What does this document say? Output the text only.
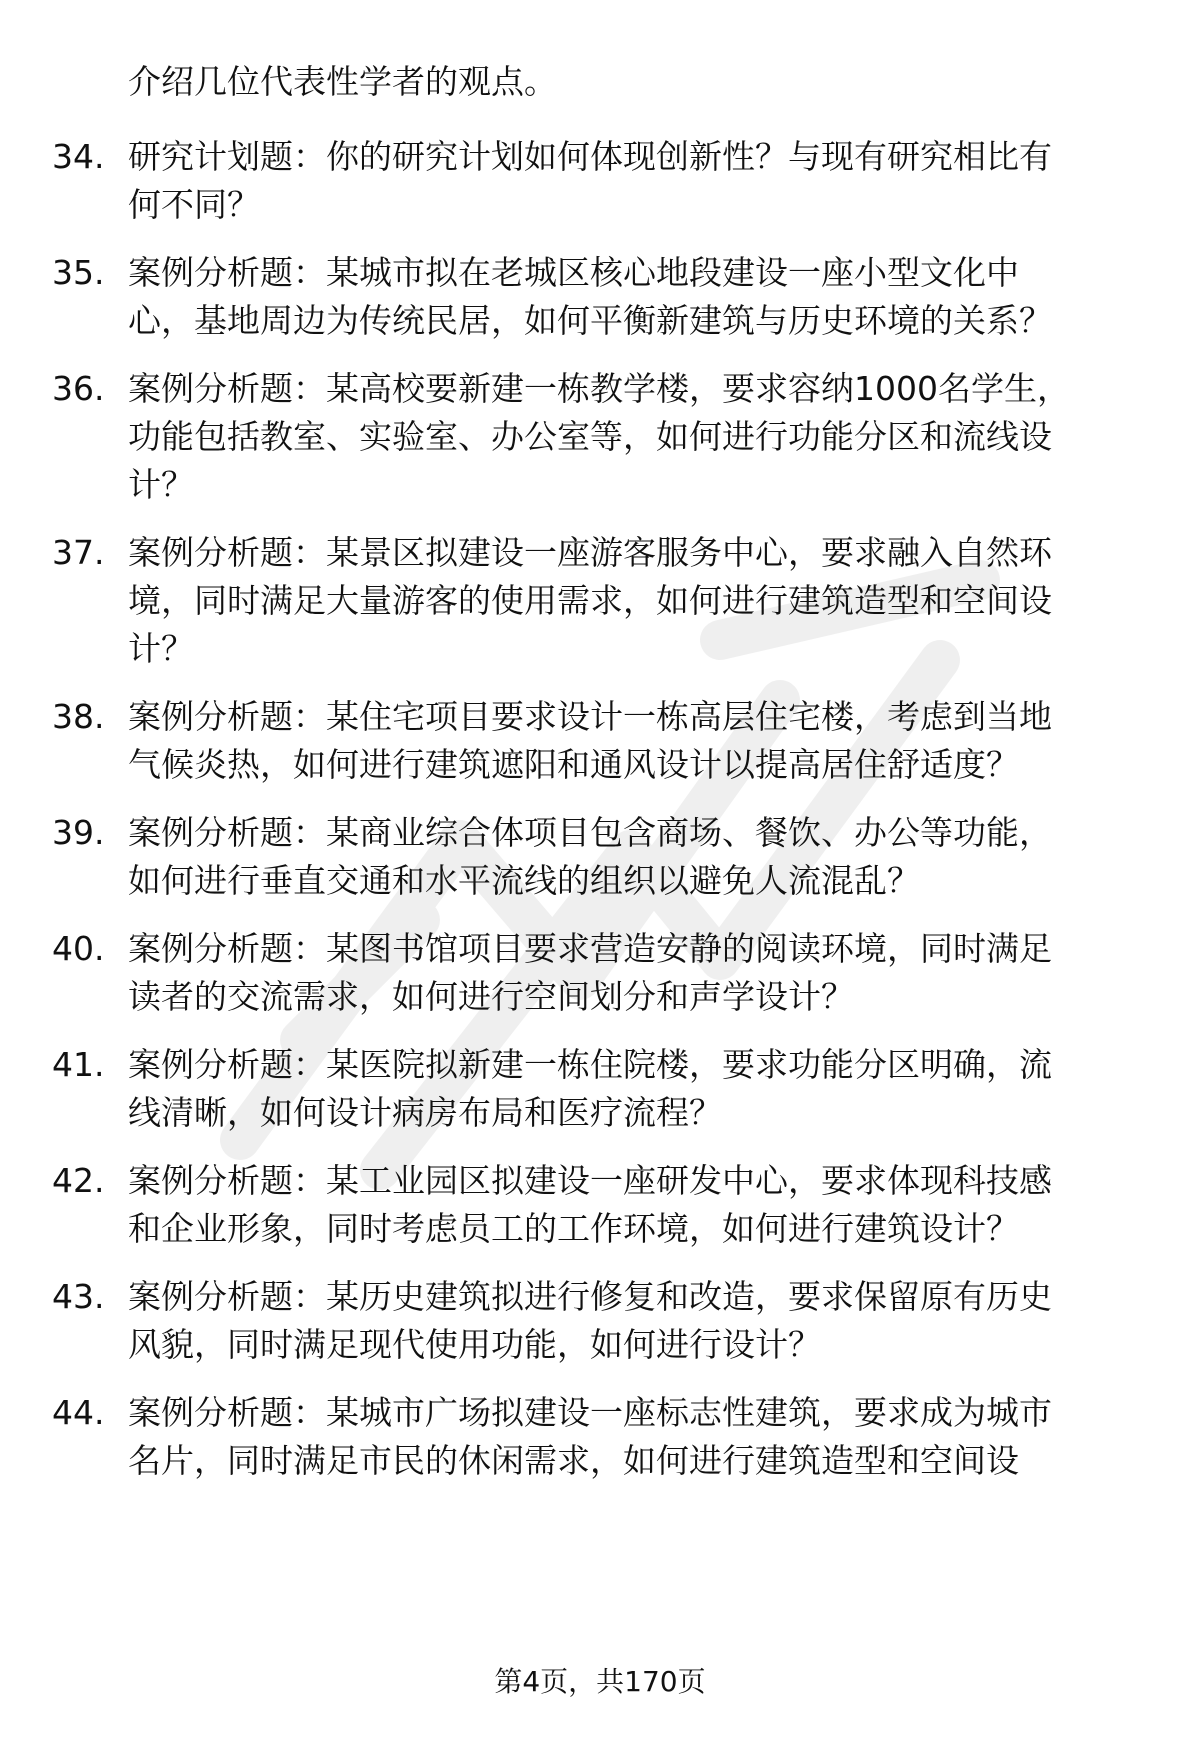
介绍几位代表性学者的观点。
34. 研究计划题：你的研究计划如何体现创新性？与现有研究相比有
何不同？
35. 案例分析题：某城市拟在老城区核心地段建设一座小型文化中
心，基地周边为传统民居，如何平衡新建筑与历史环境的关系？
36. 案例分析题：某高校要新建一栋教学楼，要求容纳1000名学生，
功能包括教室、实验室、办公室等，如何进行功能分区和流线设
计？
37. 案例分析题：某景区拟建设一座游客服务中心，要求融入自然环
境，同时满足大量游客的使用需求，如何进行建筑造型和空间设
计？
38. 案例分析题：某住宅项目要求设计一栋高层住宅楼，考虑到当地
气候炎热，如何进行建筑遮阳和通风设计以提高居住舒适度？
39. 案例分析题：某商业综合体项目包含商场、餐饮、办公等功能，
如何进行垂直交通和水平流线的组织以避免人流混乱？
40. 案例分析题：某图书馆项目要求营造安静的阅读环境，同时满足
读者的交流需求，如何进行空间划分和声学设计？
41. 案例分析题：某医院拟新建一栋住院楼，要求功能分区明确，流
线清晰，如何设计病房布局和医疗流程？
42. 案例分析题：某工业园区拟建设一座研发中心，要求体现科技感
和企业形象，同时考虑员工的工作环境，如何进行建筑设计？
43. 案例分析题：某历史建筑拟进行修复和改造，要求保留原有历史
风貌，同时满足现代使用功能，如何进行设计？
44. 案例分析题：某城市广场拟建设一座标志性建筑，要求成为城市
名片，同时满足市民的休闲需求，如何进行建筑造型和空间设
第4页，共170页
